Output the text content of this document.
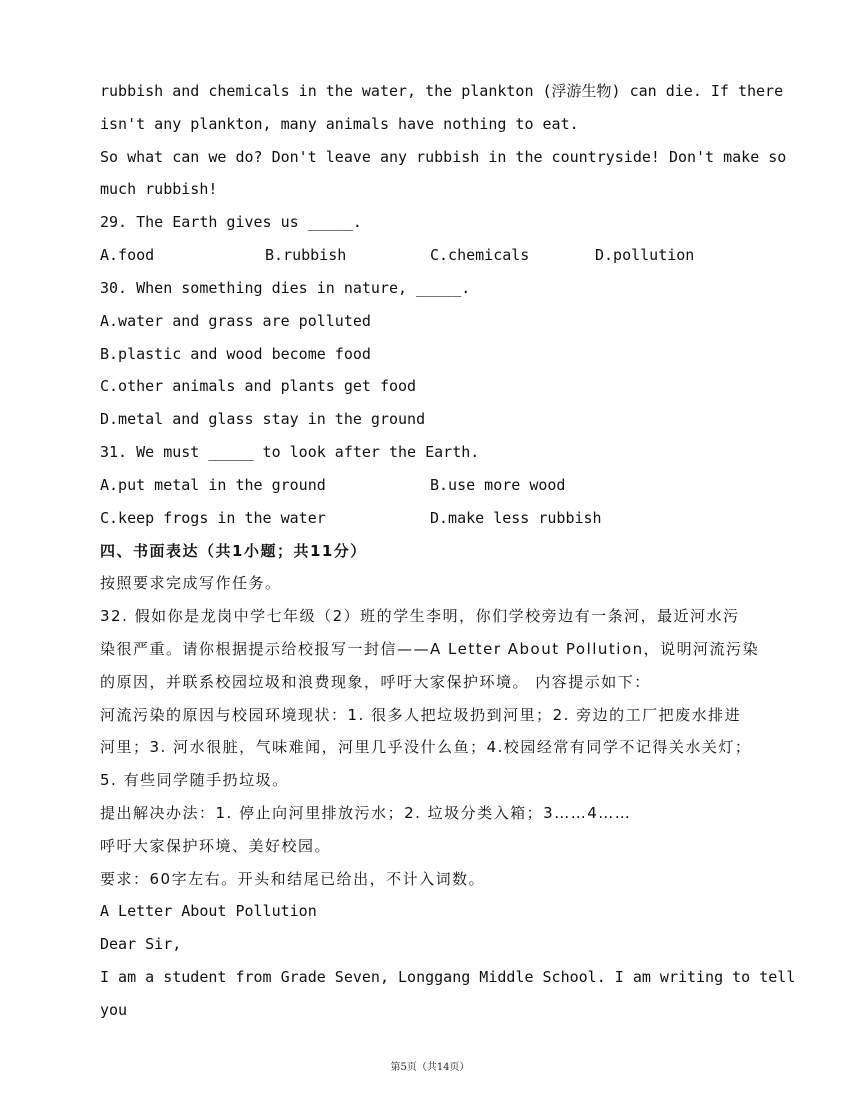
rubbish and chemicals in the water, the plankton (浮游生物) can die. If there
isn't any plankton, many animals have nothing to eat.
So what can we do? Don't leave any rubbish in the countryside! Don't make so
much rubbish!
29. The Earth gives us _____.
A.food	B.rubbish	C.chemicals	D.pollution
30. When something dies in nature, _____.
A.water and grass are polluted
B.plastic and wood become food
C.other animals and plants get food
D.metal and glass stay in the ground
31. We must _____ to look after the Earth.
A.put metal in the ground	B.use more wood
C.keep frogs in the water	D.make less rubbish
四、书面表达（共1小题；共11分）
按照要求完成写作任务。
32. 假如你是龙岗中学七年级（2）班的学生李明，你们学校旁边有一条河，最近河水污
染很严重。请你根据提示给校报写一封信——A Letter About Pollution，说明河流污染
的原因，并联系校园垃圾和浪费现象，呼吁大家保护环境。 内容提示如下：
河流污染的原因与校园环境现状：1. 很多人把垃圾扔到河里；2. 旁边的工厂把废水排进
河里；3. 河水很脏，气味难闻，河里几乎没什么鱼；4.校园经常有同学不记得关水关灯；
5. 有些同学随手扔垃圾。
提出解决办法：1. 停止向河里排放污水；2. 垃圾分类入箱；3……4……
呼吁大家保护环境、美好校园。
要求：60字左右。开头和结尾已给出，不计入词数。
A Letter About Pollution
Dear Sir,
I am a student from Grade Seven, Longgang Middle School. I am writing to tell
you
第5页（共14页）
